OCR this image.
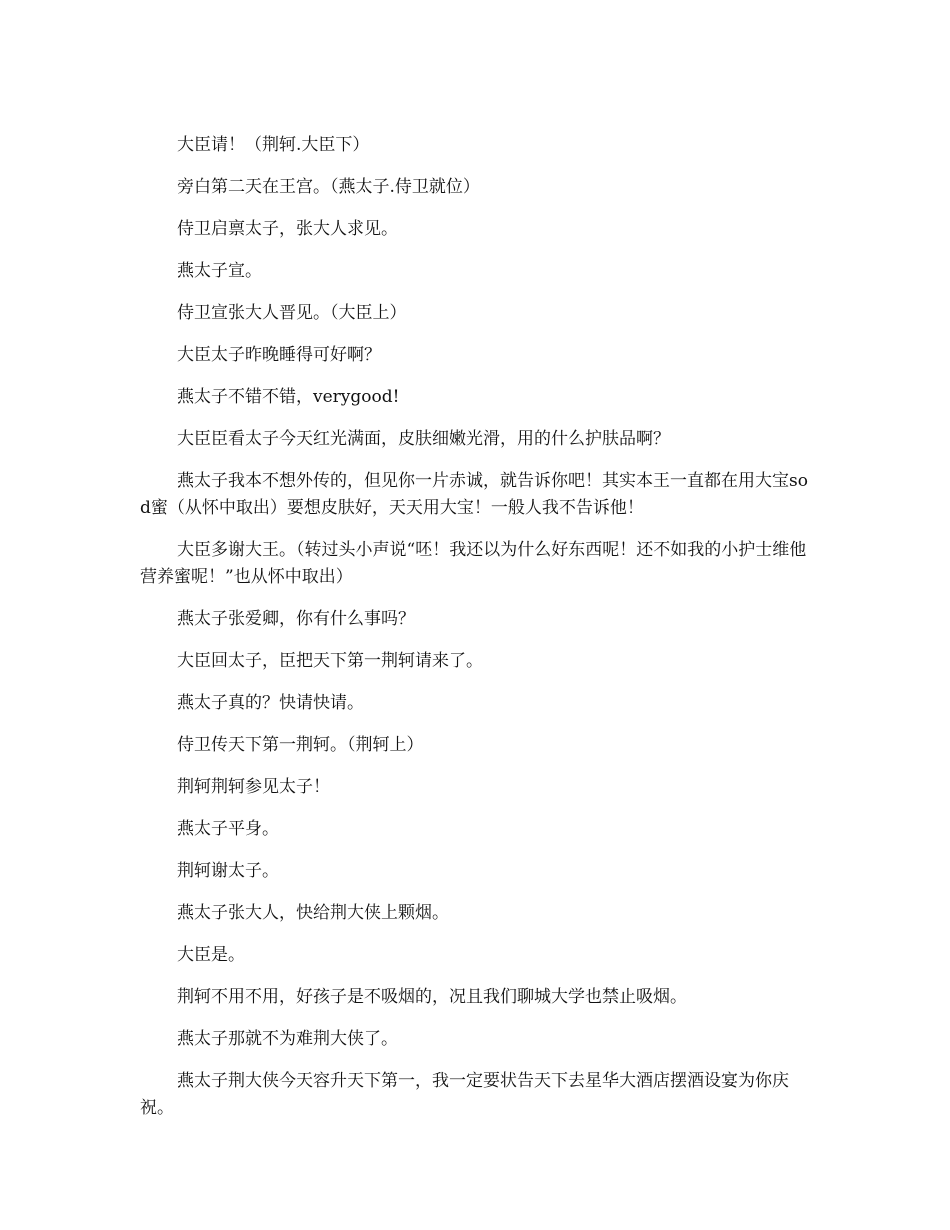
大臣请！（荆轲.大臣下）

旁白第二天在王宫。（燕太子.侍卫就位）

侍卫启禀太子，张大人求见。

燕太子宣。

侍卫宣张大人晋见。（大臣上）

大臣太子昨晚睡得可好啊？

燕太子不错不错，verygood!

大臣臣看太子今天红光满面，皮肤细嫩光滑，用的什么护肤品啊？

燕太子我本不想外传的，但见你一片赤诚，就告诉你吧！其实本王一直都在用大宝sod蜜（从怀中取出）要想皮肤好，天天用大宝！一般人我不告诉他！

大臣多谢大王。（转过头小声说“呸！我还以为什么好东西呢！还不如我的小护士维他营养蜜呢！”也从怀中取出）

燕太子张爱卿，你有什么事吗？

大臣回太子，臣把天下第一荆轲请来了。

燕太子真的？快请快请。

侍卫传天下第一荆轲。（荆轲上）

荆轲荆轲参见太子！

燕太子平身。

荆轲谢太子。

燕太子张大人，快给荆大侠上颗烟。

大臣是。

荆轲不用不用，好孩子是不吸烟的，况且我们聊城大学也禁止吸烟。

燕太子那就不为难荆大侠了。

燕太子荆大侠今天容升天下第一，我一定要状告天下去星华大酒店摆酒设宴为你庆祝。
